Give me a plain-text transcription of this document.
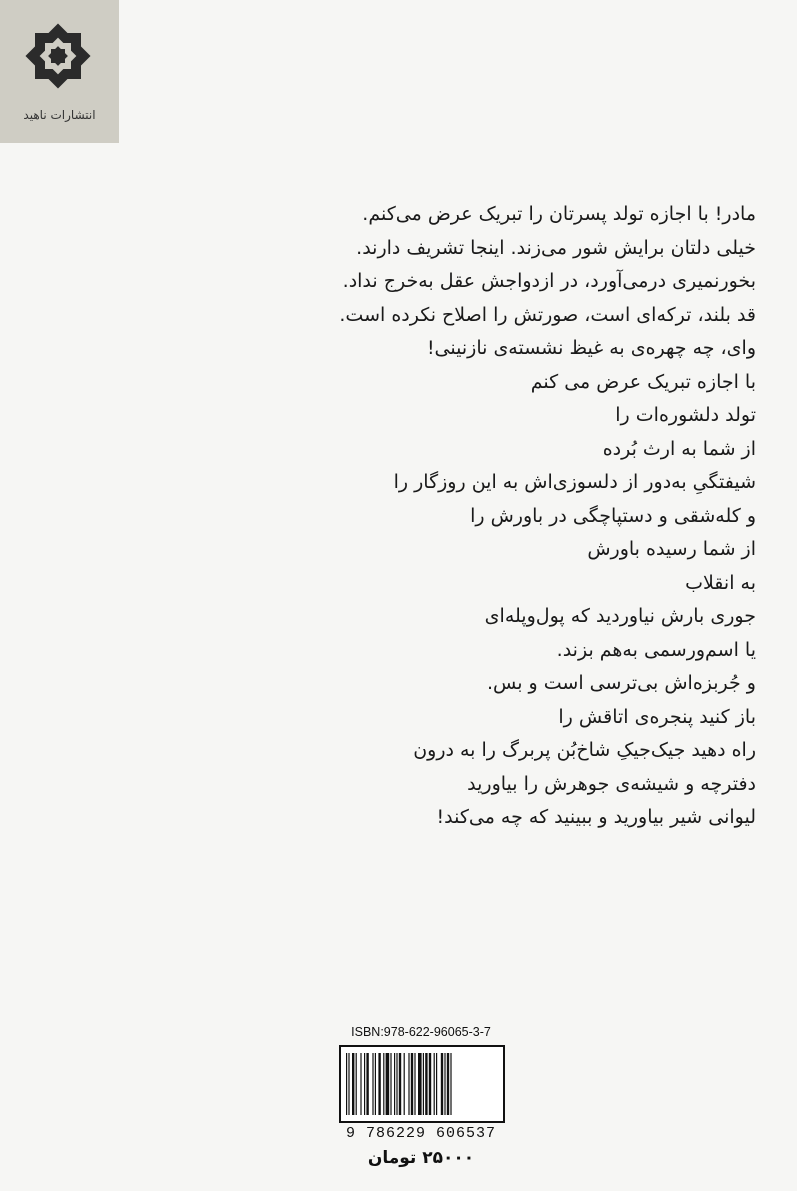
انتشارات ناهید
مادر! با اجازه تولد پسرتان را تبریک عرض می‌کنم.
خیلی دلتان برایش شور می‌زند. اینجا تشریف دارند.
بخورنمیری درمی‌آورد، در ازدواجش عقل به‌خرج نداد.
قد بلند، ترکه‌ای است، صورتش را اصلاح نکرده است.
وای، چه چهره‌ی به غیظ نشسته‌ی نازنینی!
با اجازه تبریک عرض می کنم
تولد دلشوره‌ات را
از شما به ارث بُرده
شیفتگیِ به‌دور از دلسوزی‌اش به این روزگار را
و کله‌شقی و دستپاچگی در باورش را
از شما رسیده باورش
به انقلاب
جوری بارش نیاوردید که پول‌وپله‌ای
یا اسم‌ورسمی به‌هم بزند.
و جُربزه‌اش بی‌ترسی است و بس.
باز کنید پنجره‌ی اتاقش را
راه دهید جیک‌جیکِ شاخ‌بُن پربرگ را به درون
دفترچه و شیشه‌ی جوهرش را بیاورید
لیوانی شیر بیاورید و ببینید که چه می‌کند!
ISBN:978-622-96065-3-7
9 786229 606537
۲۵۰۰۰ تومان
